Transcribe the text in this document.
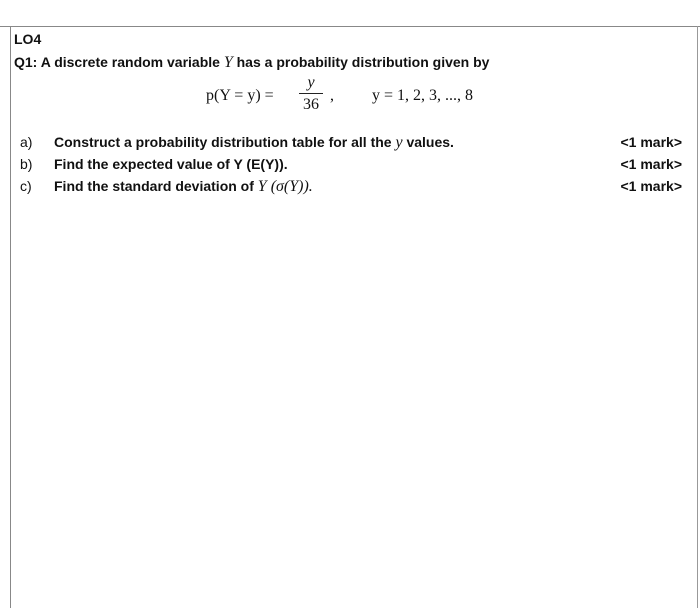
LO4
Q1: A discrete random variable Y has a probability distribution given by
p(Y = y) =
y
36
, y = 1, 2, 3, ..., 8
a) Construct a probability distribution table for all the y values.	<1 mark>
b) Find the expected value of Y (E(Y)).	<1 mark>
c) Find the standard deviation of Y (σ(Y)).	<1 mark>
